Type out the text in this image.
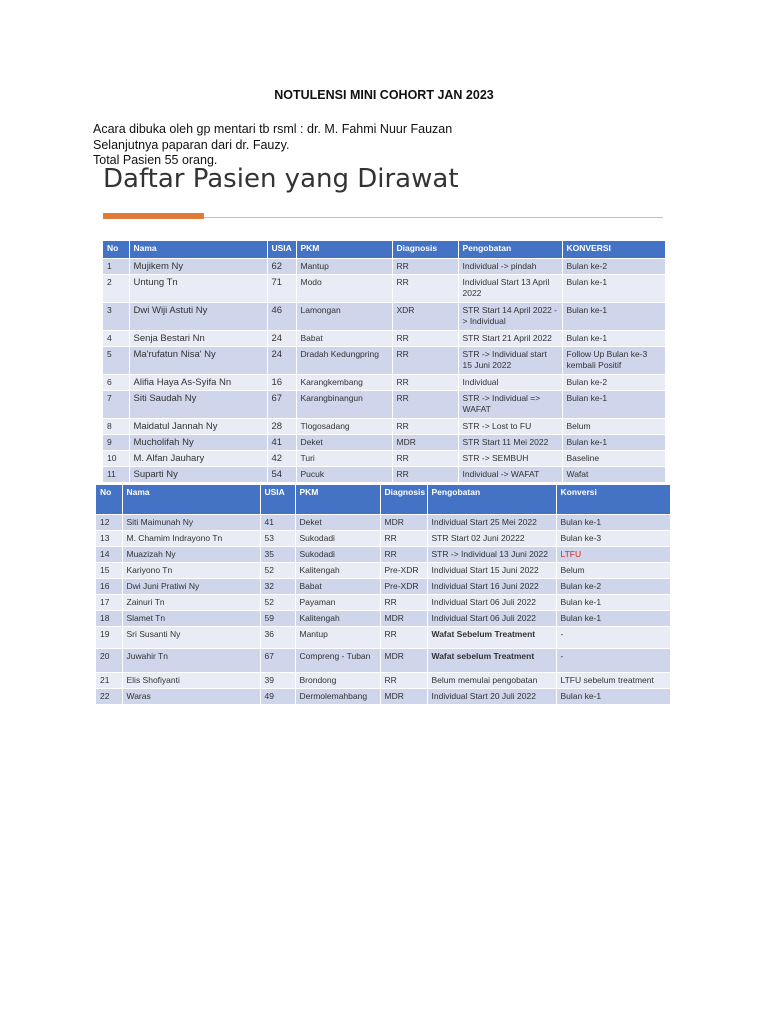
NOTULENSI MINI COHORT JAN 2023
Acara dibuka oleh gp mentari tb rsml : dr. M. Fahmi Nuur Fauzan
Selanjutnya paparan dari dr. Fauzy.
Total Pasien 55 orang.
Daftar Pasien yang Dirawat
No	Nama	USIA	PKM	Diagnosis	Pengobatan	KONVERSI
1	Mujikem Ny	62	Mantup	RR	Individual -> pindah	Bulan ke-2
2	Untung Tn	71	Modo	RR	Individual Start 13 April 2022	Bulan ke-1
3	Dwi Wiji Astuti Ny	46	Lamongan	XDR	STR Start 14 April 2022 -> Individual	Bulan ke-1
4	Senja Bestari Nn	24	Babat	RR	STR Start 21 April 2022	Bulan ke-1
5	Ma'rufatun Nisa' Ny	24	Dradah Kedungpring	RR	STR -> Individual start 15 Juni 2022	Follow Up Bulan ke-3 kembali Positif
6	Alifia Haya As-Syifa Nn	16	Karangkembang	RR	Individual	Bulan ke-2
7	Siti Saudah Ny	67	Karangbinangun	RR	STR -> Individual => WAFAT	Bulan ke-1
8	Maidatul Jannah Ny	28	Tlogosadang	RR	STR -> Lost to FU	Belum
9	Mucholifah Ny	41	Deket	MDR	STR Start 11 Mei 2022	Bulan ke-1
10	M. Alfan Jauhary	42	Turi	RR	STR -> SEMBUH	Baseline
11	Suparti Ny	54	Pucuk	RR	Individual -> WAFAT	Wafat
No	Nama	USIA	PKM	Diagnosis	Pengobatan	Konversi
12	Siti Maimunah Ny	41	Deket	MDR	Individual Start 25 Mei 2022	Bulan ke-1
13	M. Chamim Indrayono Tn	53	Sukodadi	RR	STR Start 02 Juni 20222	Bulan ke-3
14	Muazizah Ny	35	Sukodadi	RR	STR -> Individual 13 Juni 2022	LTFU
15	Kariyono Tn	52	Kalitengah	Pre-XDR	Individual Start 15 Juni 2022	Belum
16	Dwi Juni Pratiwi Ny	32	Babat	Pre-XDR	Individual Start 16 Juni 2022	Bulan ke-2
17	Zainuri Tn	52	Payaman	RR	Individual Start 06 Juli 2022	Bulan ke-1
18	Slamet Tn	59	Kalitengah	MDR	Individual Start 06 Juli 2022	Bulan ke-1
19	Sri Susanti Ny	36	Mantup	RR	Wafat Sebelum Treatment	-
20	Juwahir Tn	67	Compreng - Tuban	MDR	Wafat sebelum Treatment	-
21	Elis Shofiyanti	39	Brondong	RR	Belum memulai pengobatan	LTFU sebelum treatment
22	Waras	49	Dermolemahbang	MDR	Individual Start 20 Juli 2022	Bulan ke-1
